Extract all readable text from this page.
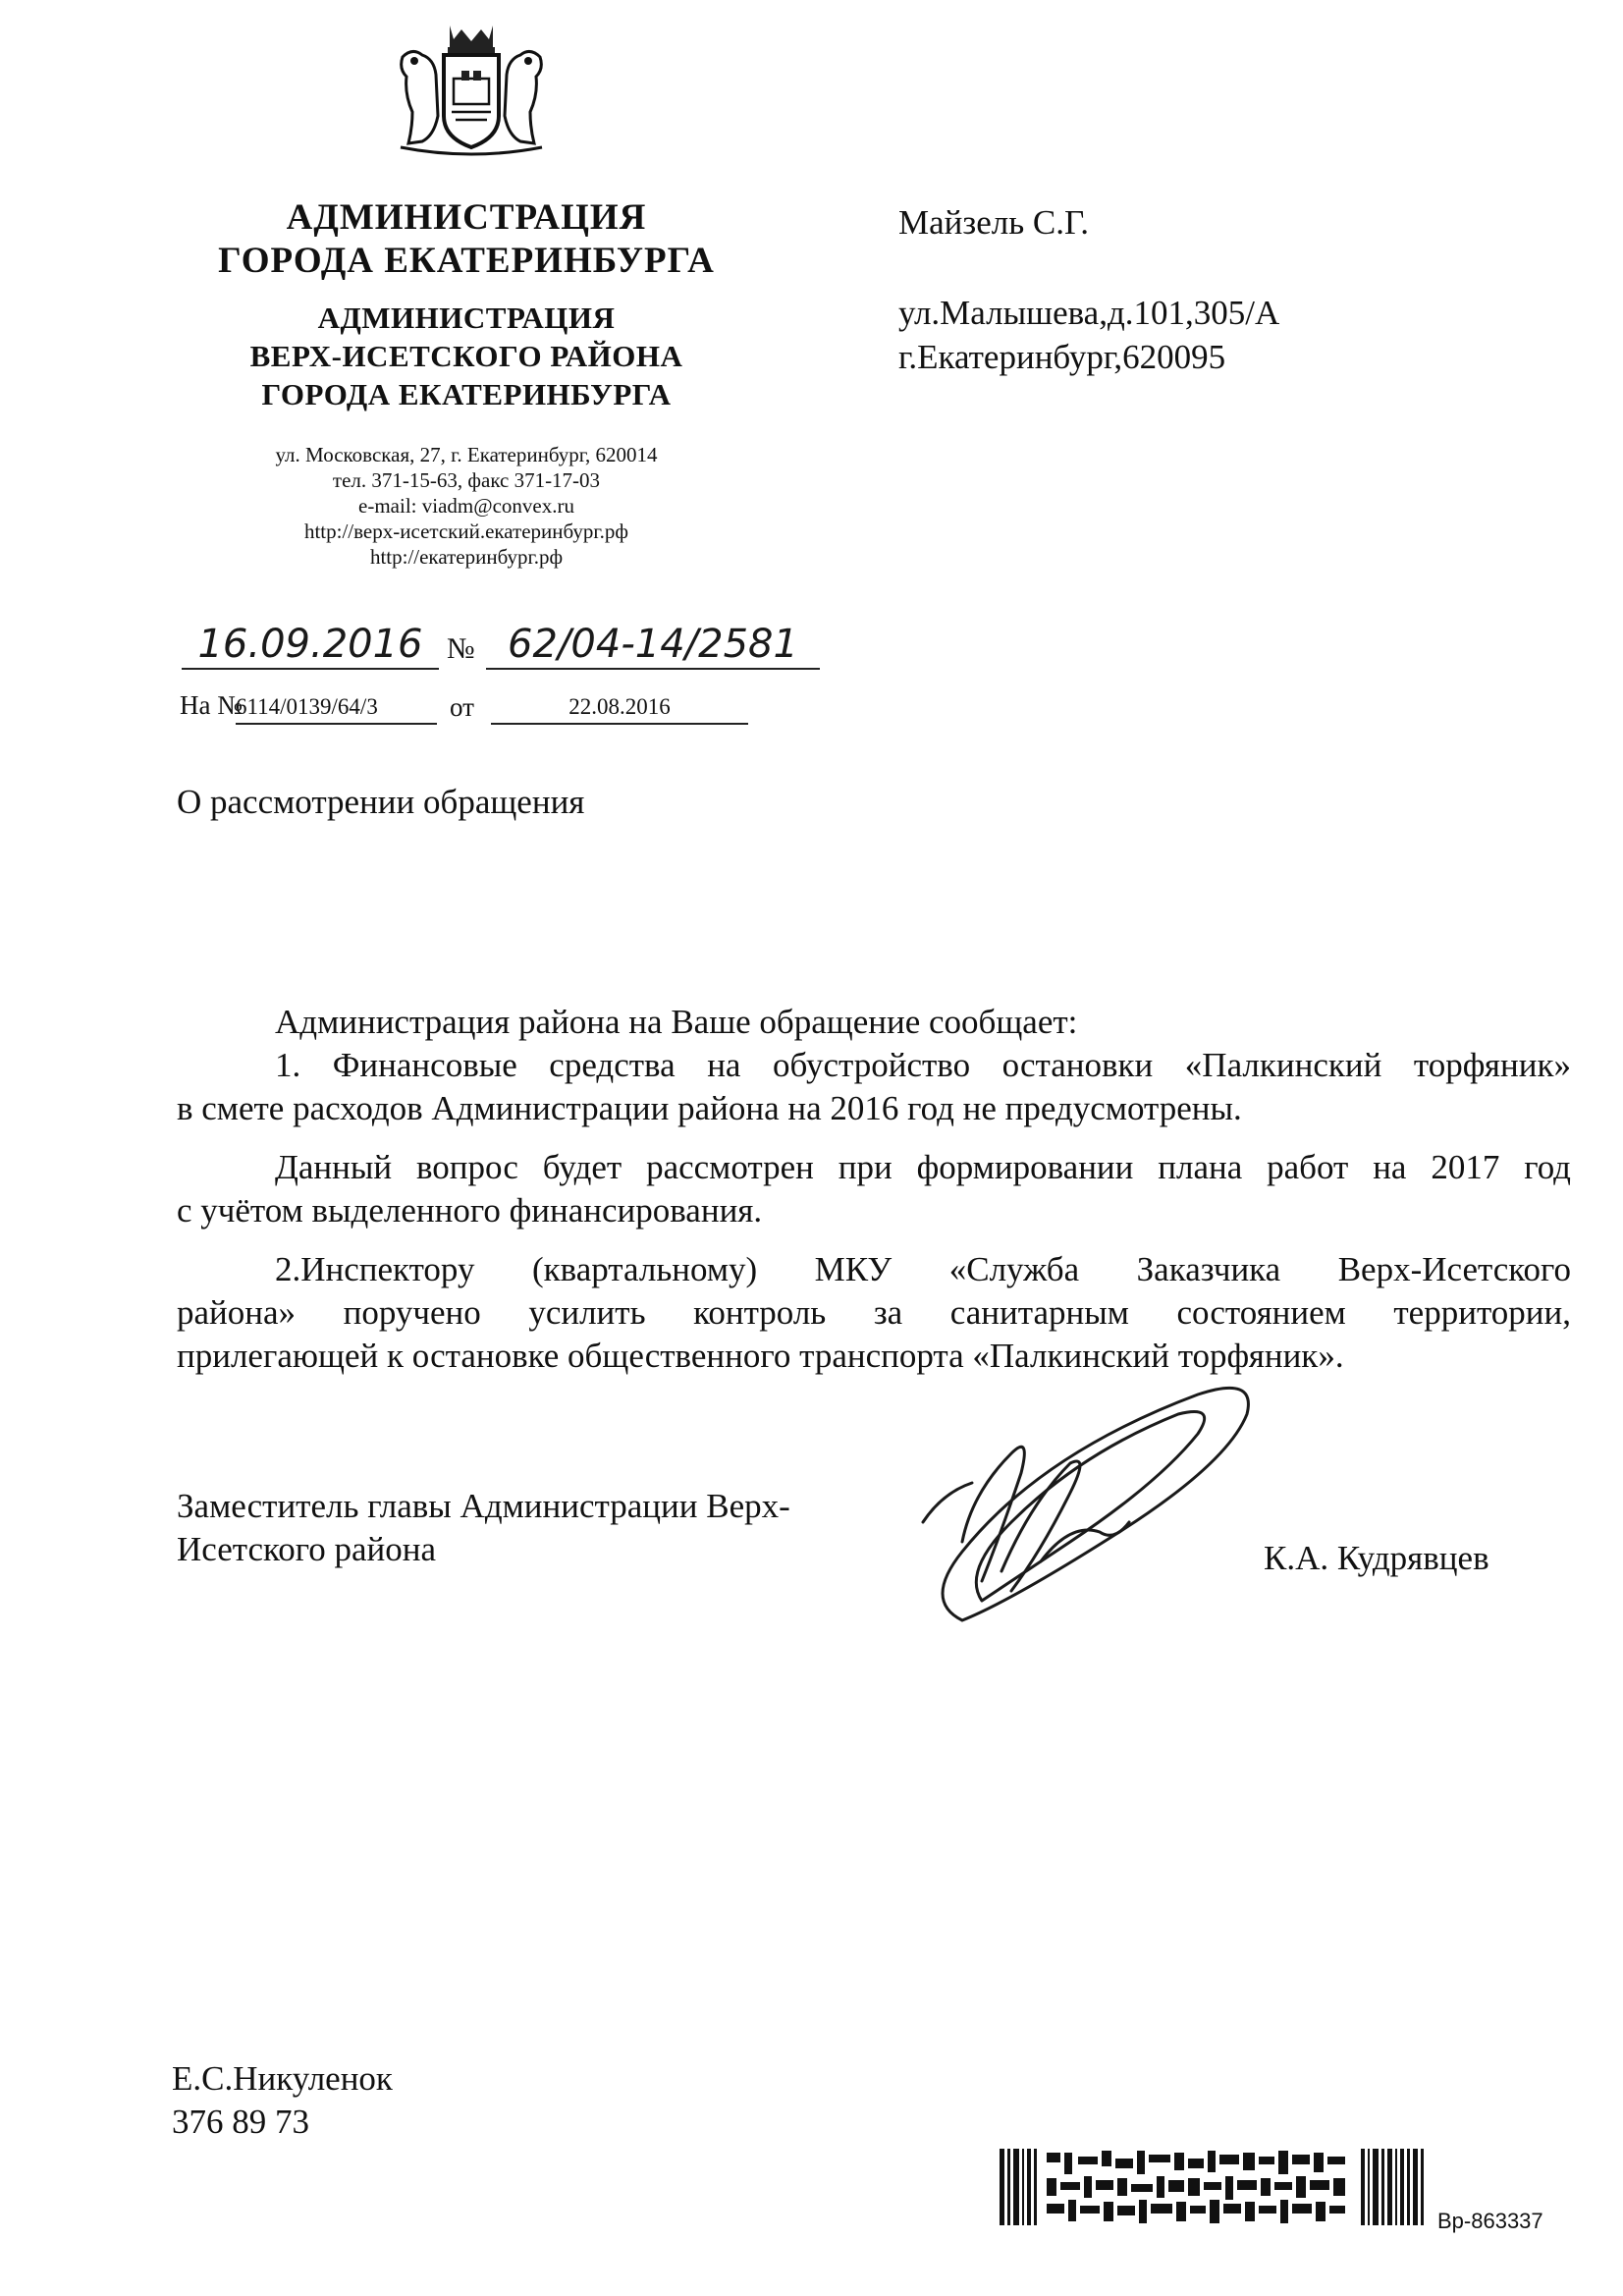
АДМИНИСТРАЦИЯ
ГОРОДА ЕКАТЕРИНБУРГА
АДМИНИСТРАЦИЯ
ВЕРХ-ИСЕТСКОГО РАЙОНА
ГОРОДА ЕКАТЕРИНБУРГА
ул. Московская, 27, г. Екатеринбург, 620014
тел. 371-15-63, факс 371-17-03
e-mail: viadm@convex.ru
http://верх-исетский.екатеринбург.рф
http://екатеринбург.рф
Майзель С.Г.
ул.Малышева,д.101,305/А
г.Екатеринбург,620095
16.09.2016 № 62/04-14/2581
На №
6114/0139/64/3	от	22.08.2016
О рассмотрении обращения
Администрация района на Ваше обращение сообщает:
1. Финансовые средства на обустройство остановки «Палкинский торфяник»
в смете расходов Администрации района на 2016 год не предусмотрены.
Данный вопрос будет рассмотрен при формировании плана работ на 2017 год
с учётом выделенного финансирования.
2.Инспектору (квартальному) МКУ «Служба Заказчика Верх-Исетского
района» поручено усилить контроль за санитарным состоянием территории,
прилегающей к остановке общественного транспорта «Палкинский торфяник».
Заместитель главы Администрации Верх-
Исетского района	К.А. Кудрявцев
Е.С.Никуленок
376 89 73
Вр-863337
